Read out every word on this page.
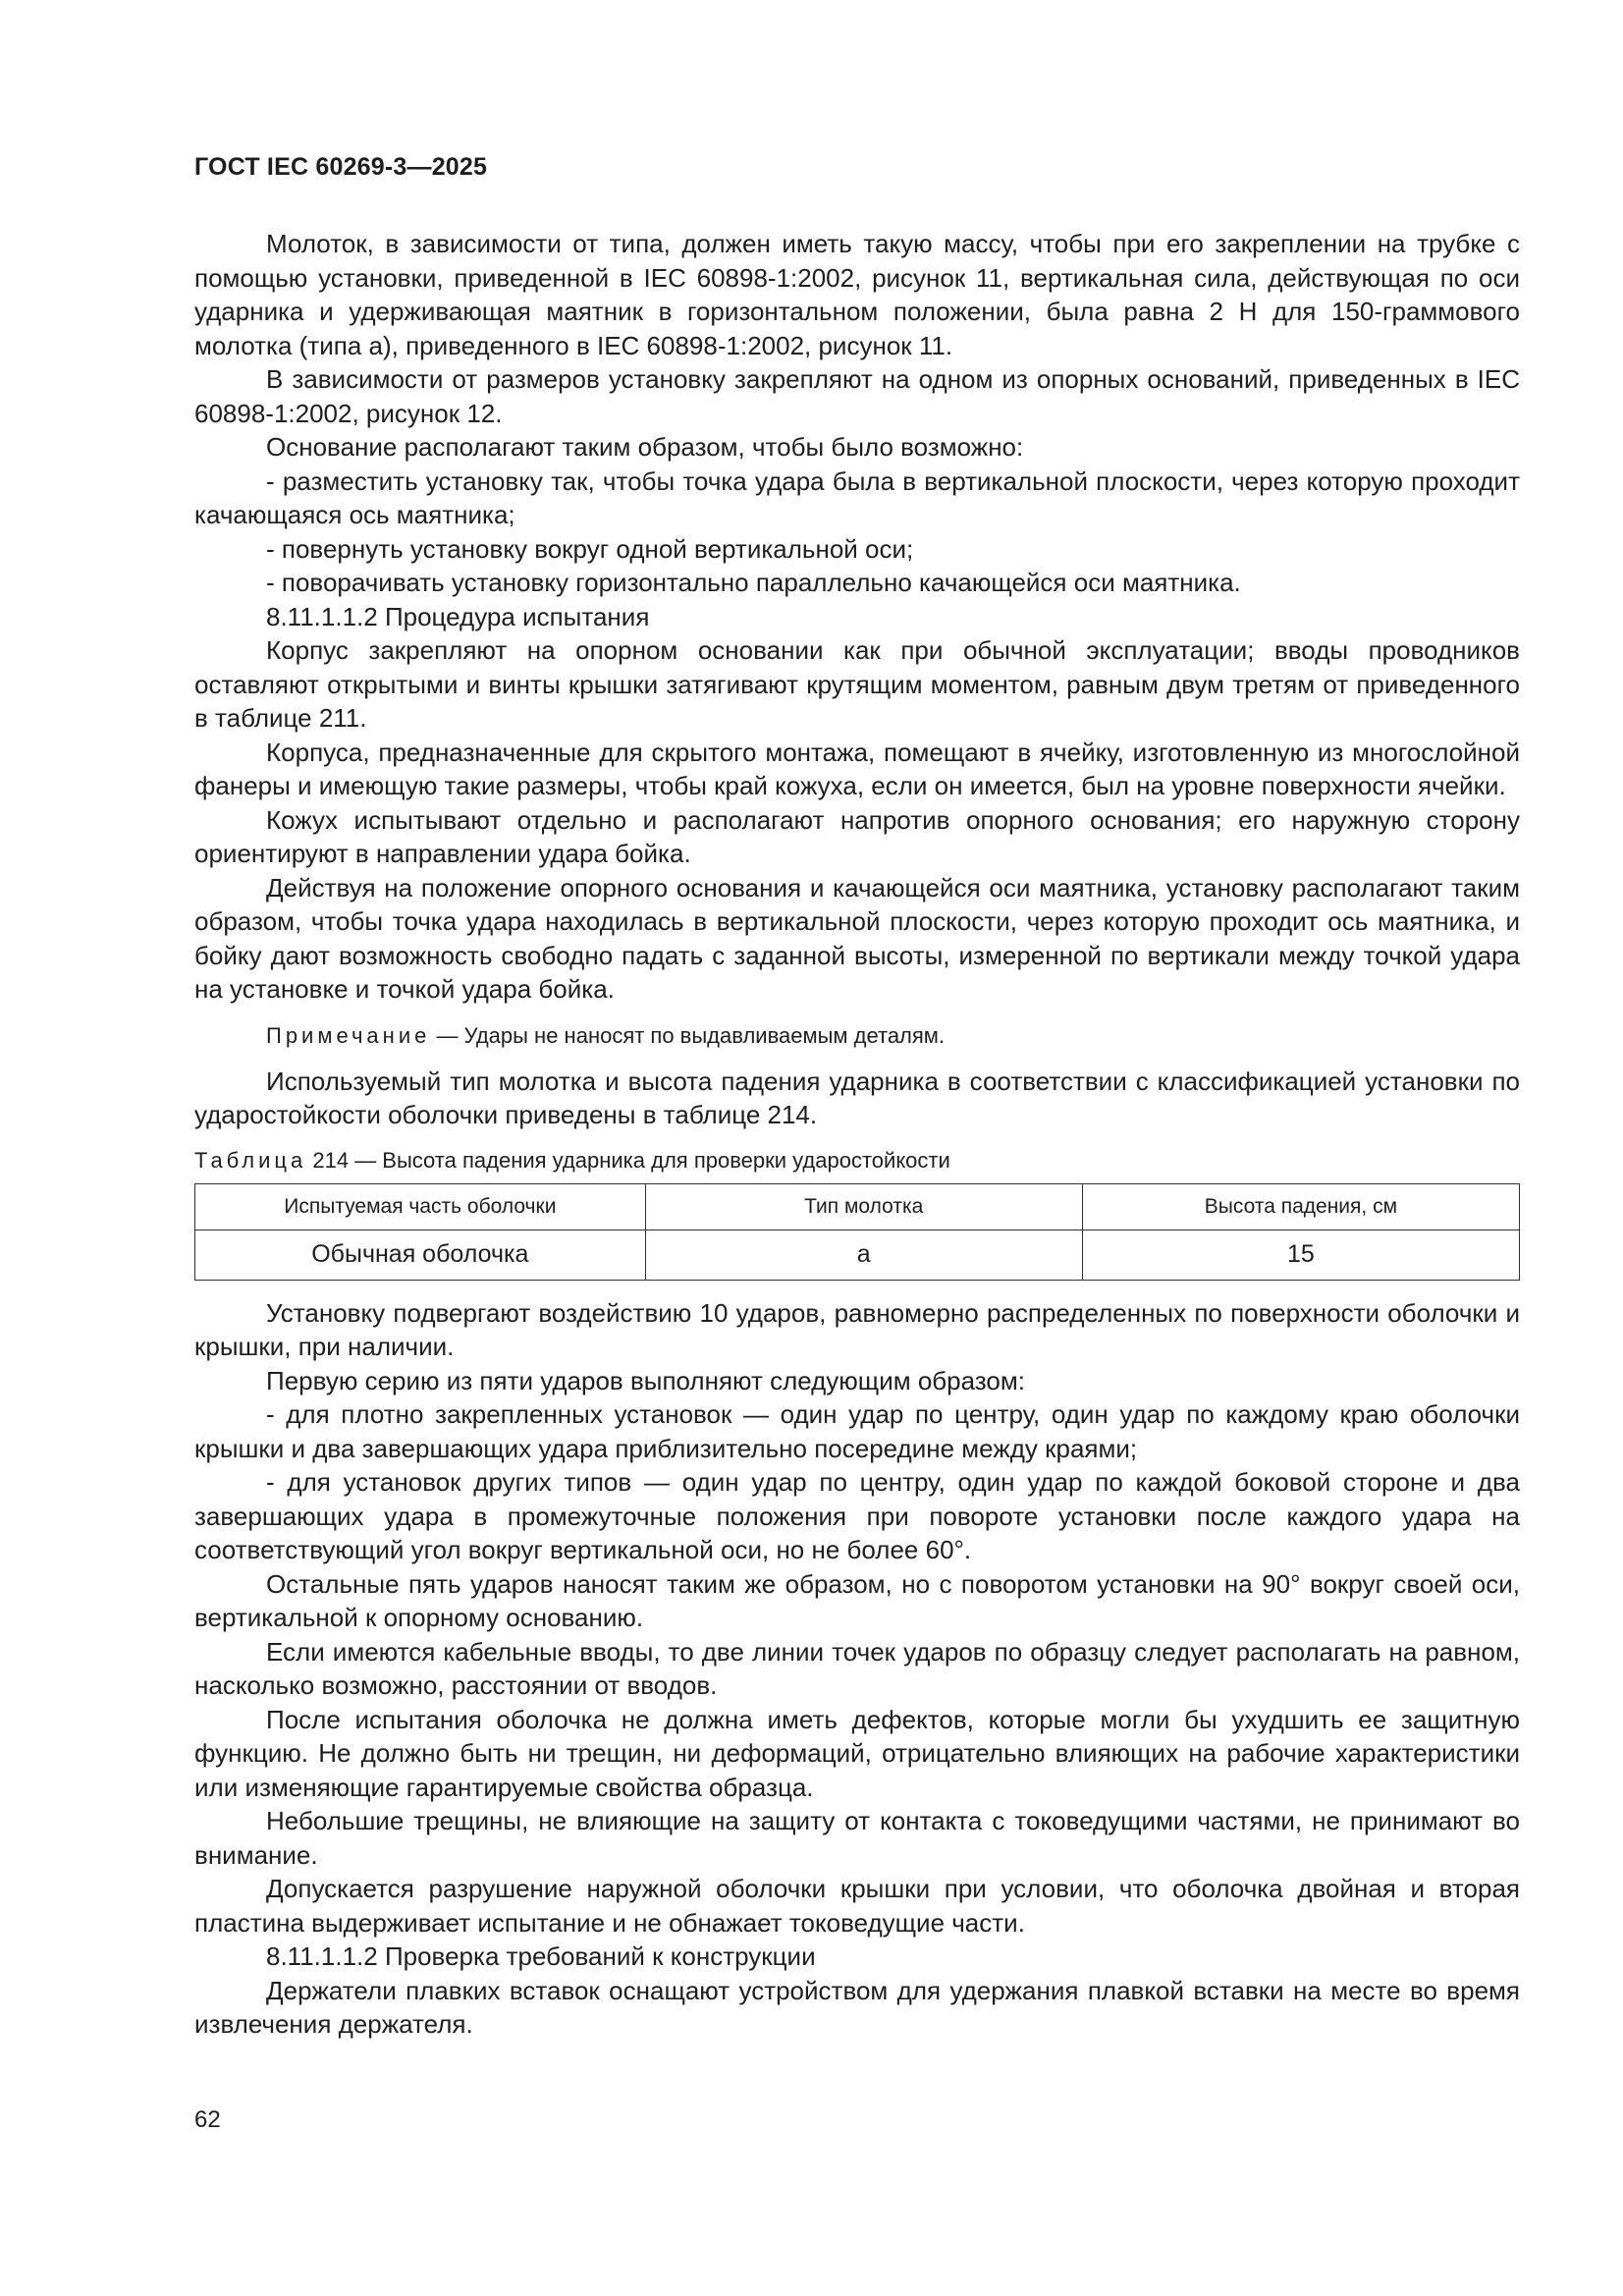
ГОСТ IEC 60269-3—2025

Молоток, в зависимости от типа, должен иметь такую массу, чтобы при его закреплении на трубке с помощью установки, приведенной в IEC 60898-1:2002, рисунок 11, вертикальная сила, действующая по оси ударника и удерживающая маятник в горизонтальном положении, была равна 2 Н для 150-граммового молотка (типа а), приведенного в IEC 60898-1:2002, рисунок 11.

В зависимости от размеров установку закрепляют на одном из опорных оснований, приведенных в IEC 60898-1:2002, рисунок 12.

Основание располагают таким образом, чтобы было возможно:

- разместить установку так, чтобы точка удара была в вертикальной плоскости, через которую проходит качающаяся ось маятника;

- повернуть установку вокруг одной вертикальной оси;

- поворачивать установку горизонтально параллельно качающейся оси маятника.

8.11.1.1.2 Процедура испытания

Корпус закрепляют на опорном основании как при обычной эксплуатации; вводы проводников оставляют открытыми и винты крышки затягивают крутящим моментом, равным двум третям от приведенного в таблице 211.

Корпуса, предназначенные для скрытого монтажа, помещают в ячейку, изготовленную из многослойной фанеры и имеющую такие размеры, чтобы край кожуха, если он имеется, был на уровне поверхности ячейки.

Кожух испытывают отдельно и располагают напротив опорного основания; его наружную сторону ориентируют в направлении удара бойка.

Действуя на положение опорного основания и качающейся оси маятника, установку располагают таким образом, чтобы точка удара находилась в вертикальной плоскости, через которую проходит ось маятника, и бойку дают возможность свободно падать с заданной высоты, измеренной по вертикали между точкой удара на установке и точкой удара бойка.

Примечание — Удары не наносят по выдавливаемым деталям.

Используемый тип молотка и высота падения ударника в соответствии с классификацией установки по ударостойкости оболочки приведены в таблице 214.

Таблица 214 — Высота падения ударника для проверки ударостойкости
Испытуемая часть оболочки	Тип молотка	Высота падения, см
Обычная оболочка	а	15

Установку подвергают воздействию 10 ударов, равномерно распределенных по поверхности оболочки и крышки, при наличии.

Первую серию из пяти ударов выполняют следующим образом:

- для плотно закрепленных установок — один удар по центру, один удар по каждому краю оболочки крышки и два завершающих удара приблизительно посередине между краями;

- для установок других типов — один удар по центру, один удар по каждой боковой стороне и два завершающих удара в промежуточные положения при повороте установки после каждого удара на соответствующий угол вокруг вертикальной оси, но не более 60°.

Остальные пять ударов наносят таким же образом, но с поворотом установки на 90° вокруг своей оси, вертикальной к опорному основанию.

Если имеются кабельные вводы, то две линии точек ударов по образцу следует располагать на равном, насколько возможно, расстоянии от вводов.

После испытания оболочка не должна иметь дефектов, которые могли бы ухудшить ее защитную функцию. Не должно быть ни трещин, ни деформаций, отрицательно влияющих на рабочие характеристики или изменяющие гарантируемые свойства образца.

Небольшие трещины, не влияющие на защиту от контакта с токоведущими частями, не принимают во внимание.

Допускается разрушение наружной оболочки крышки при условии, что оболочка двойная и вторая пластина выдерживает испытание и не обнажает токоведущие части.

8.11.1.1.2 Проверка требований к конструкции

Держатели плавких вставок оснащают устройством для удержания плавкой вставки на месте во время извлечения держателя.

62
